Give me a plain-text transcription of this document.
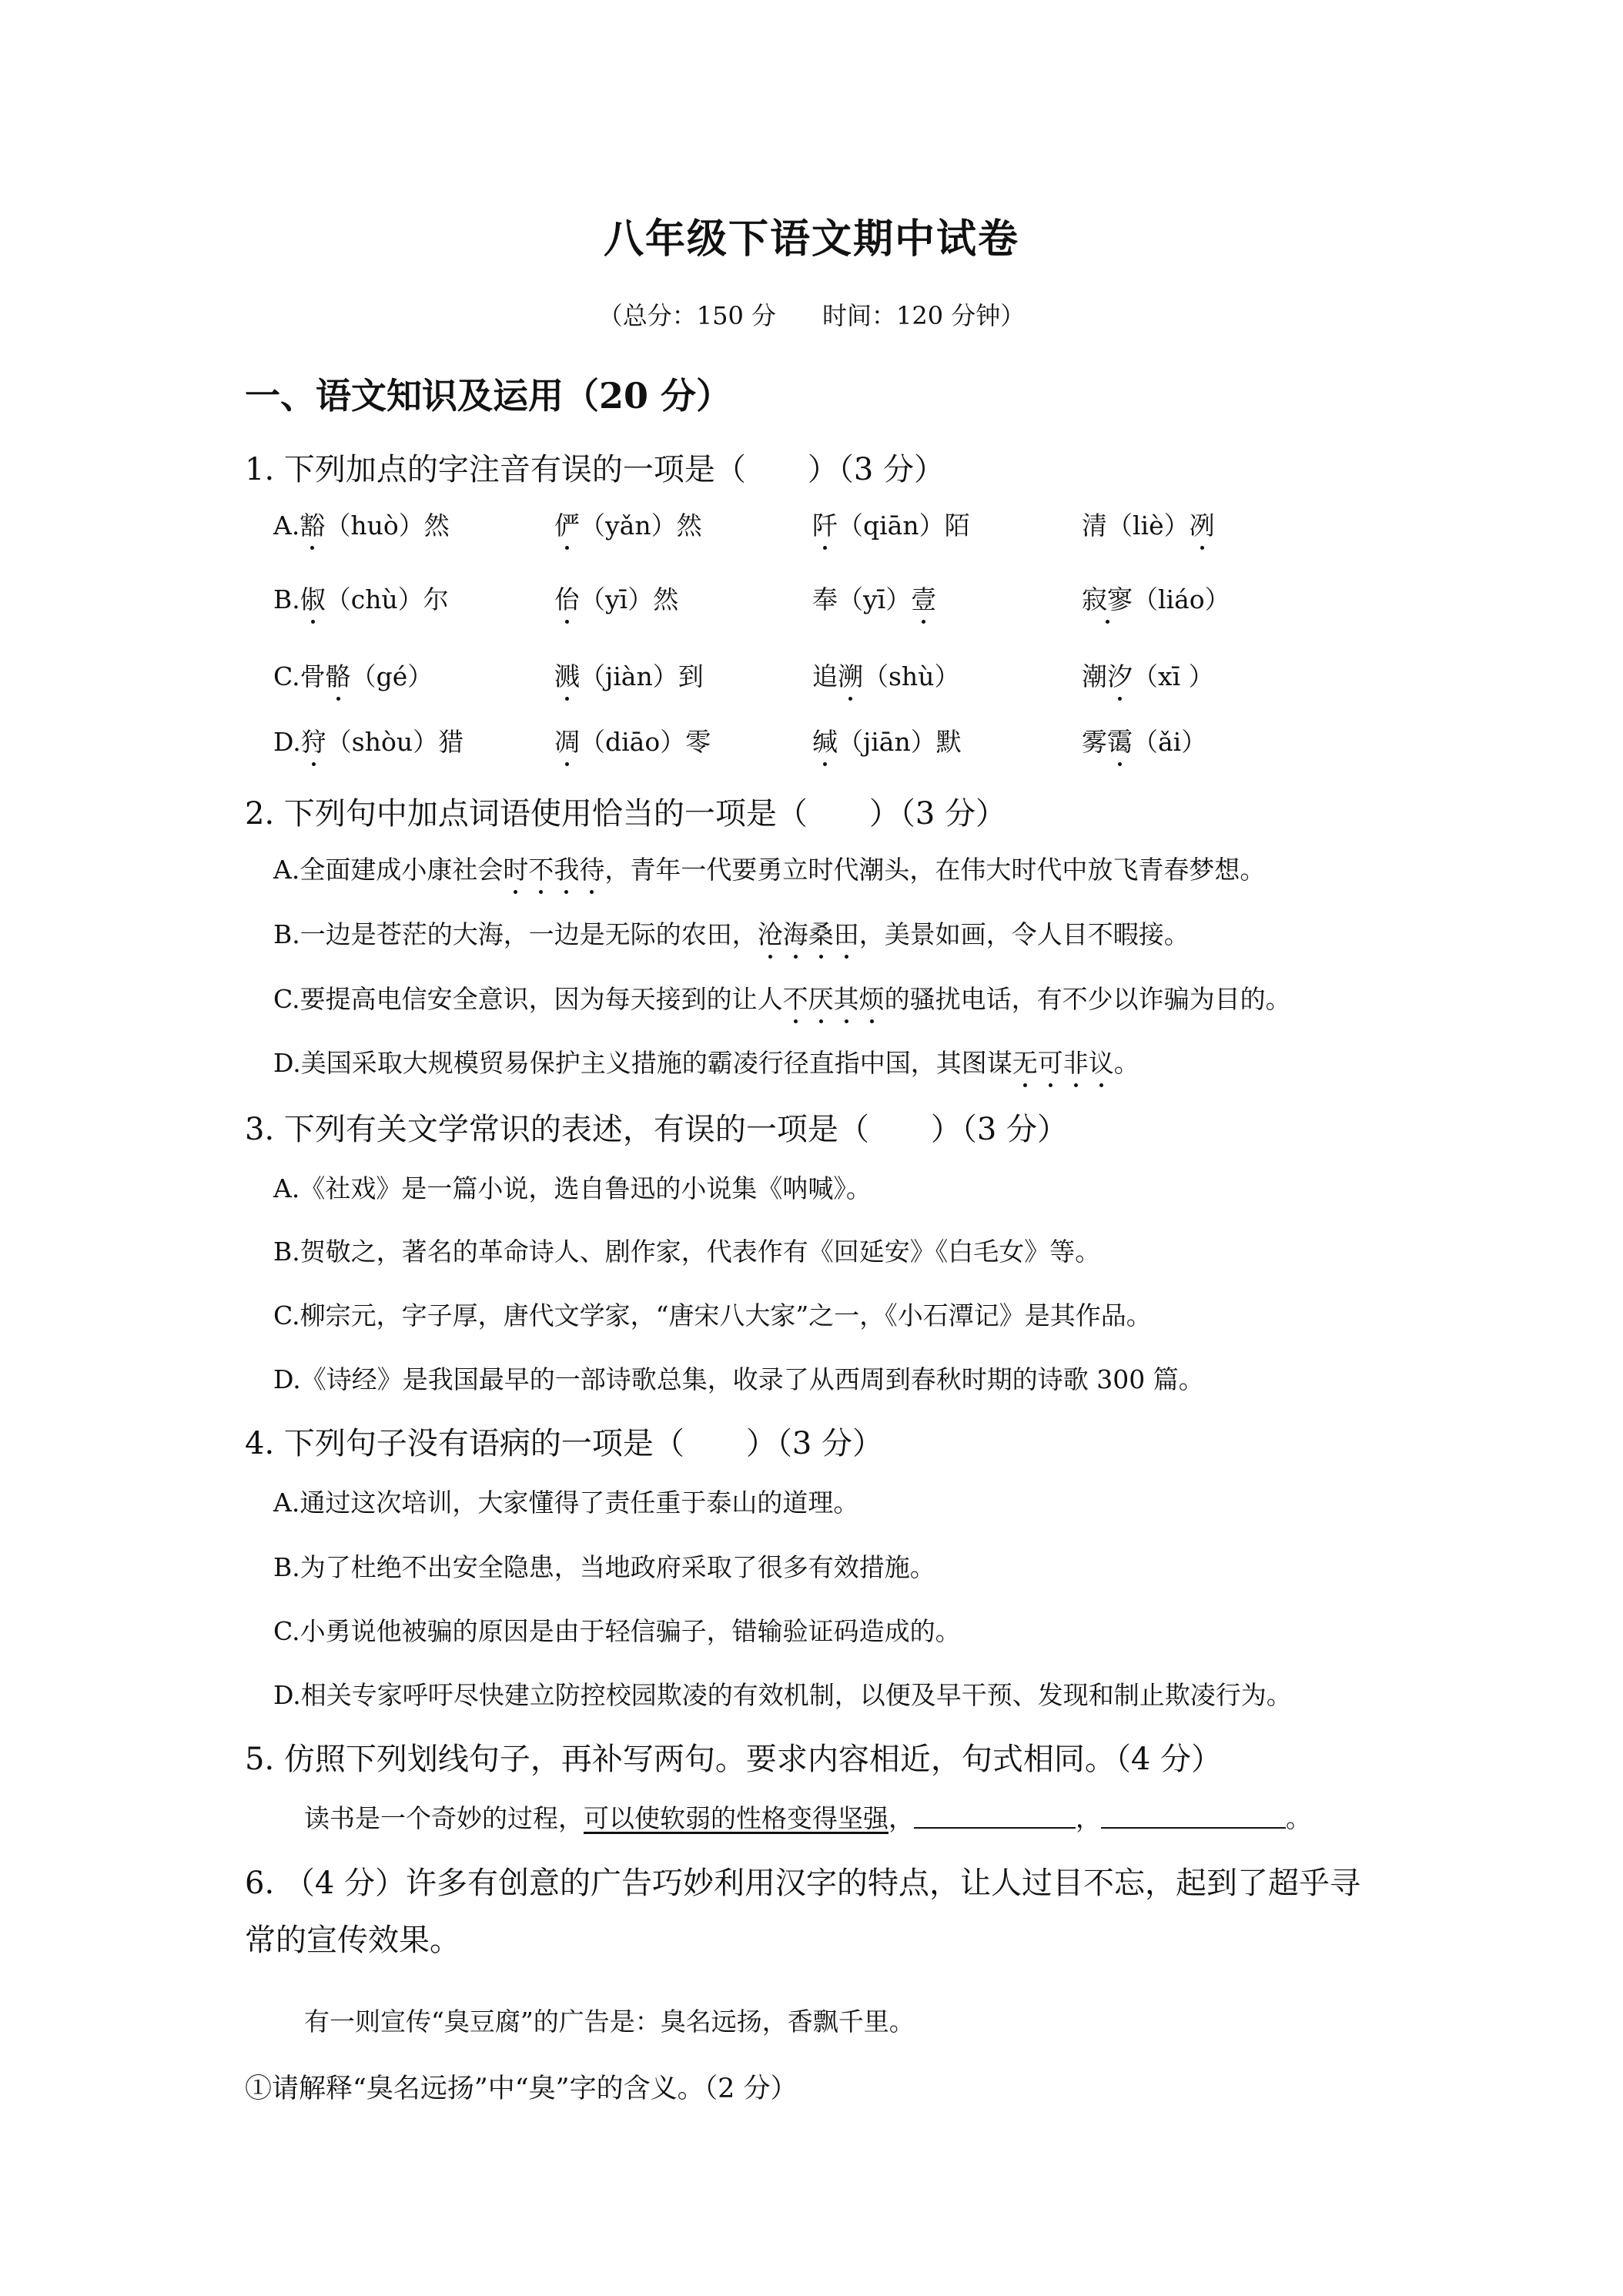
八年级下语文期中试卷
（总分：150 分 时间：120 分钟）
一、语文知识及运用（20 分）
1. 下列加点的字注音有误的一项是（　　）（3 分）
A.豁（huò）然	俨（yǎn）然	阡（qiān）陌	清（liè）冽
B.俶（chù）尔	佁（yī）然	奉（yī）壹	寂寥（liáo）
C.骨骼（gé）	溅（jiàn）到	追溯（shù）	潮汐（xī ）
D.狩（shòu）猎	凋（diāo）零	缄（jiān）默	雾霭（ǎi）
2. 下列句中加点词语使用恰当的一项是（　　）（3 分）
A.全面建成小康社会时不我待，青年一代要勇立时代潮头，在伟大时代中放飞青春梦想。
B.一边是苍茫的大海，一边是无际的农田，沧海桑田，美景如画，令人目不暇接。
C.要提高电信安全意识，因为每天接到的让人不厌其烦的骚扰电话，有不少以诈骗为目的。
D.美国采取大规模贸易保护主义措施的霸凌行径直指中国，其图谋无可非议。
3. 下列有关文学常识的表述，有误的一项是（　　）（3 分）
A.《社戏》是一篇小说，选自鲁迅的小说集《呐喊》。
B.贺敬之，著名的革命诗人、剧作家，代表作有《回延安》《白毛女》等。
C.柳宗元，字子厚，唐代文学家，“唐宋八大家”之一，《小石潭记》是其作品。
D.《诗经》是我国最早的一部诗歌总集，收录了从西周到春秋时期的诗歌 300 篇。
4. 下列句子没有语病的一项是（　　）（3 分）
A.通过这次培训，大家懂得了责任重于泰山的道理。
B.为了杜绝不出安全隐患，当地政府采取了很多有效措施。
C.小勇说他被骗的原因是由于轻信骗子，错输验证码造成的。
D.相关专家呼吁尽快建立防控校园欺凌的有效机制，以便及早干预、发现和制止欺凌行为。
5. 仿照下列划线句子，再补写两句。要求内容相近，句式相同。（4 分）
读书是一个奇妙的过程，可以使软弱的性格变得坚强，	，	。
6. （4 分）许多有创意的广告巧妙利用汉字的特点，让人过目不忘，起到了超乎寻常的宣传效果。
有一则宣传“臭豆腐”的广告是：臭名远扬，香飘千里。
①请解释“臭名远扬”中“臭”字的含义。（2 分）
